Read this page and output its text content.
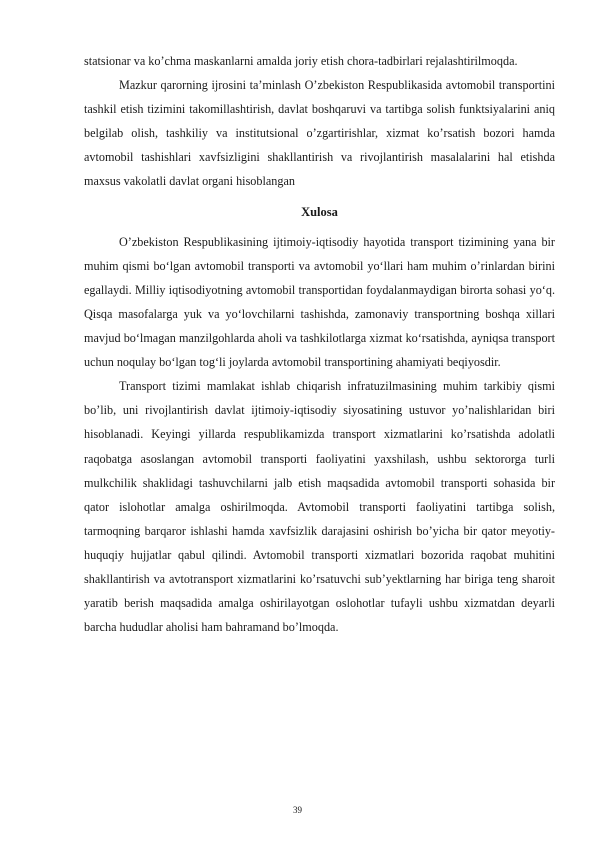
statsionar va ko’chma maskanlarni amalda joriy etish chora-tadbirlari rejalashtirilmoqda.

Mazkur qarorning ijrosini ta’minlash O’zbekiston Respublikasida avtomobil transportini tashkil etish tizimini takomillashtirish, davlat boshqaruvi va tartibga solish funktsiyalarini aniq belgilab olish, tashkiliy va institutsional o’zgartirishlar, xizmat ko’rsatish bozori hamda avtomobil tashishlari xavfsizligini shakllantirish va rivojlantirish masalalarini hal etishda maxsus vakolatli davlat organi hisoblangan

Xulosa

O’zbekiston Respublikasining ijtimoiy-iqtisodiy hayotida transport tizimining yana bir muhim qismi bo‘lgan avtomobil transporti va avtomobil yo‘llari ham muhim o’rinlardan birini egallaydi. Milliy iqtisodiyotning avtomobil transportidan foydalanmaydigan birorta sohasi yo‘q. Qisqa masofalarga yuk va yo‘lovchilarni tashishda, zamonaviy transportning boshqa xillari mavjud bo‘lmagan manzilgohlarda aholi va tashkilotlarga xizmat ko‘rsatishda, ayniqsa transport uchun noqulay bo‘lgan tog‘li joylarda avtomobil transportining ahamiyati beqiyosdir.

Transport tizimi mamlakat ishlab chiqarish infratuzilmasining muhim tarkibiy qismi bo’lib, uni rivojlantirish davlat ijtimoiy-iqtisodiy siyosatining ustuvor yo’nalishlaridan biri hisoblanadi. Keyingi yillarda respublikamizda transport xizmatlarini ko’rsatishda adolatli raqobatga asoslangan avtomobil transporti faoliyatini yaxshilash, ushbu sektororga turli mulkchilik shaklidagi tashuvchilarni jalb etish maqsadida avtomobil transporti sohasida bir qator islohotlar amalga oshirilmoqda. Avtomobil transporti faoliyatini tartibga solish, tarmoqning barqaror ishlashi hamda xavfsizlik darajasini oshirish bo’yicha bir qator meyotiy-huquqiy hujjatlar qabul qilindi. Avtomobil transporti xizmatlari bozorida raqobat muhitini shakllantirish va avtotransport xizmatlarini ko’rsatuvchi sub’yektlarning har biriga teng sharoit yaratib berish maqsadida amalga oshirilayotgan oslohotlar tufayli ushbu xizmatdan deyarli barcha hududlar aholisi ham bahramand bo’lmoqda.

39
